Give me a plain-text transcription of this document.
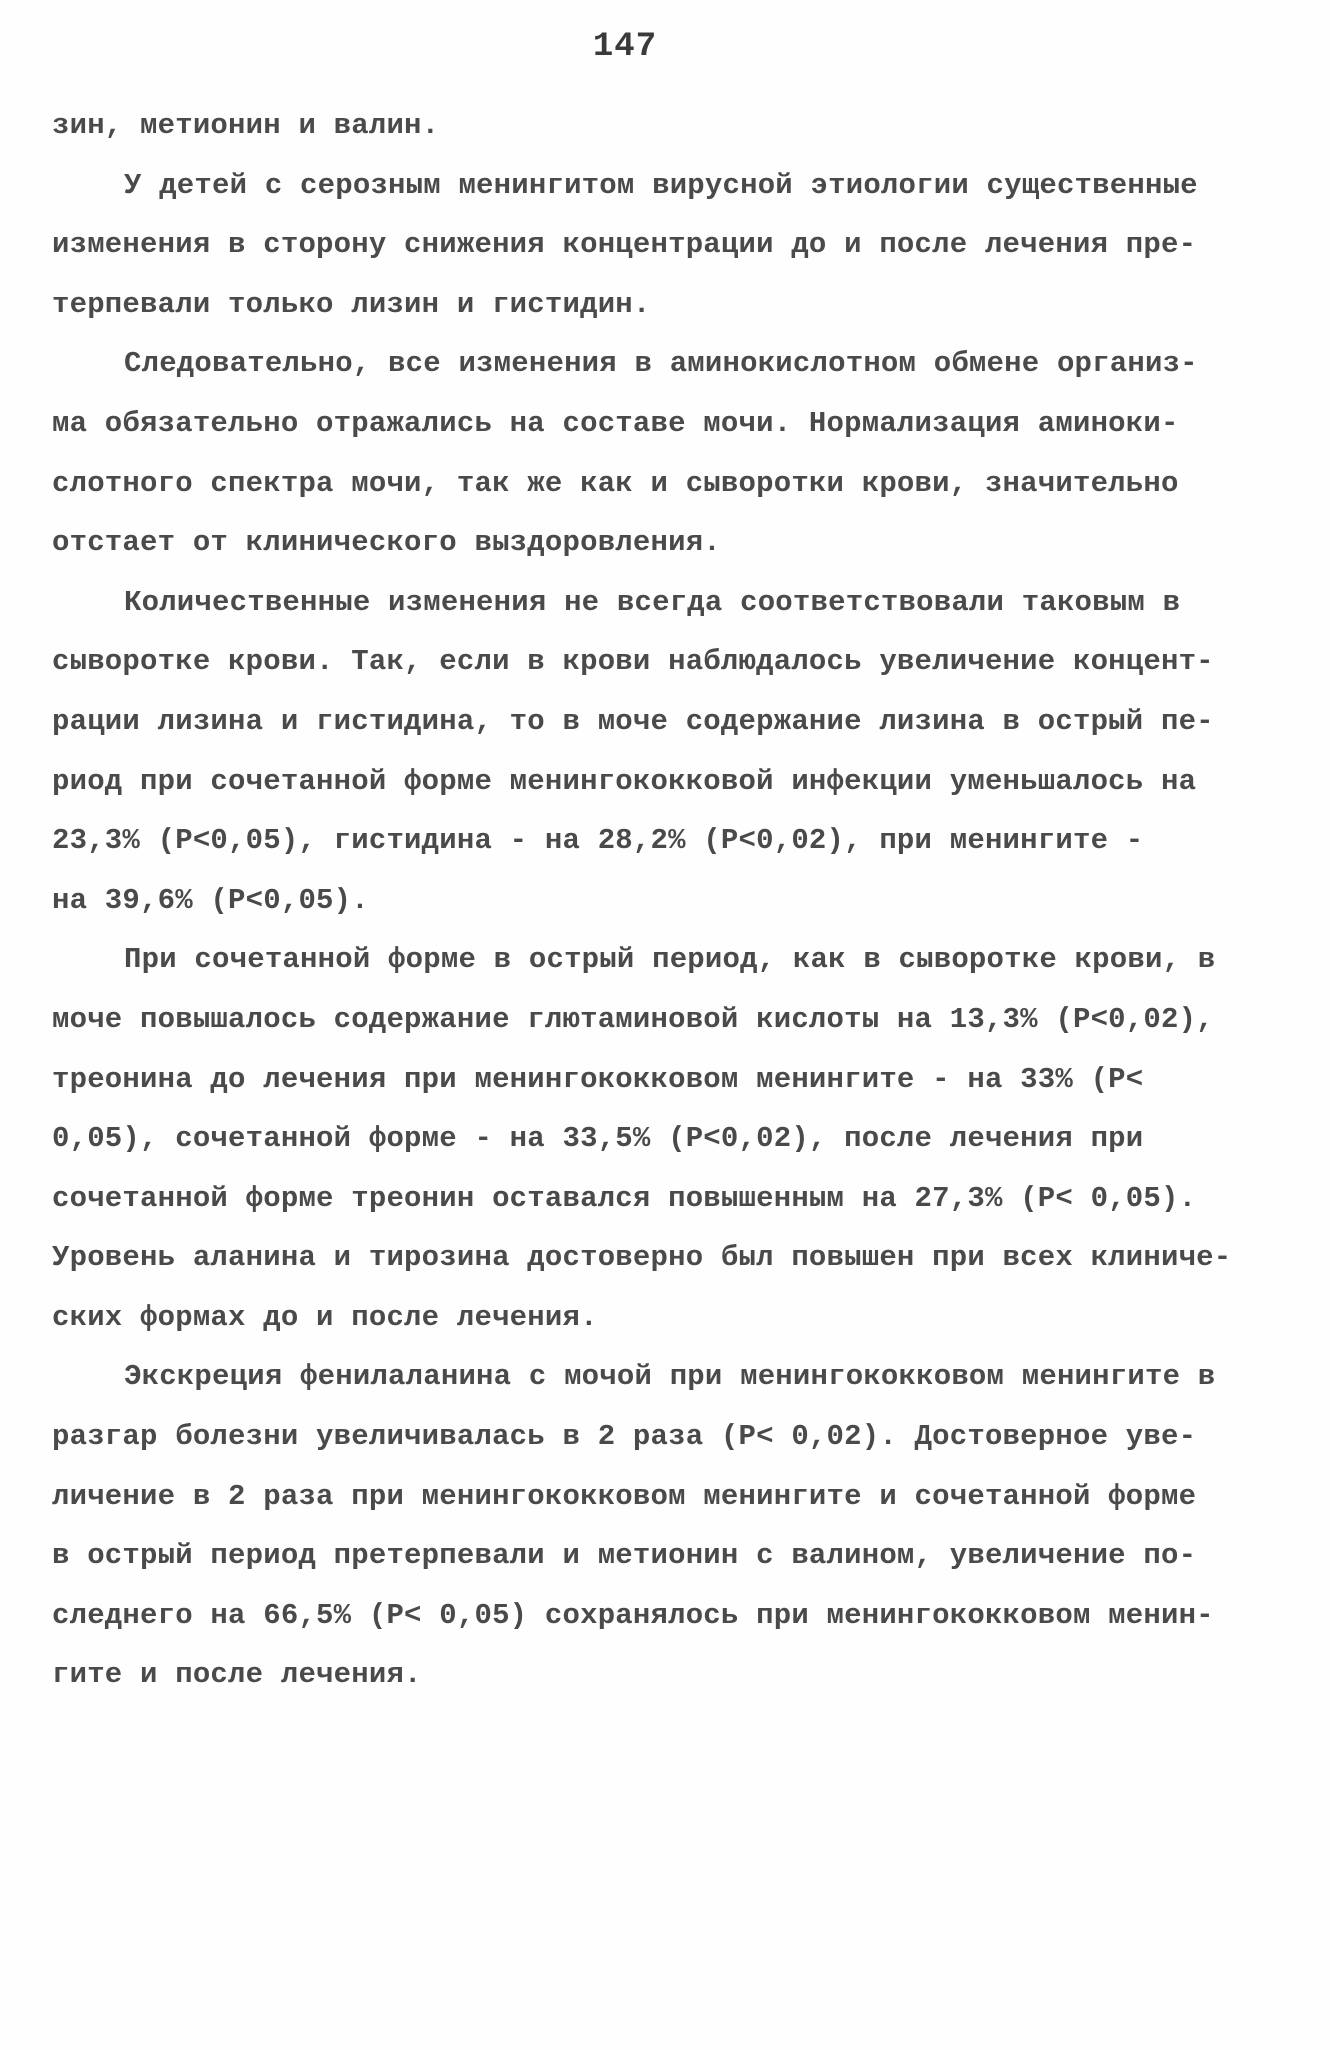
147
зин, метионин и валин.
У детей с серозным менингитом вирусной этиологии существенные
изменения в сторону снижения концентрации до и после лечения пре-
терпевали только лизин и гистидин.
Следовательно, все изменения в аминокислотном обмене организ-
ма обязательно отражались на составе мочи. Нормализация аминоки-
слотного спектра мочи, так же как и сыворотки крови, значительно
отстает от клинического выздоровления.
Количественные изменения не всегда соответствовали таковым в
сыворотке крови. Так, если в крови наблюдалось увеличение концент-
рации лизина и гистидина, то в моче содержание лизина в острый пе-
риод при сочетанной форме менингококковой инфекции уменьшалось на
23,3% (Р<0,05), гистидина - на 28,2% (Р<0,02), при менингите -
на 39,6% (Р<0,05).
При сочетанной форме в острый период, как в сыворотке крови, в
моче повышалось содержание глютаминовой кислоты на 13,3% (Р<0,02),
треонина до лечения при менингококковом менингите - на 33% (Р<
0,05), сочетанной форме - на 33,5% (Р<0,02), после лечения при
сочетанной форме треонин оставался повышенным на 27,3% (Р< 0,05).
Уровень аланина и тирозина достоверно был повышен при всех клиниче-
ских формах до и после лечения.
Экскреция фенилаланина с мочой при менингококковом менингите в
разгар болезни увеличивалась в 2 раза (Р< 0,02). Достоверное уве-
личение в 2 раза при менингококковом менингите и сочетанной форме
в острый период претерпевали и метионин с валином, увеличение по-
следнего на 66,5% (Р< 0,05) сохранялось при менингококковом менин-
гите и после лечения.
